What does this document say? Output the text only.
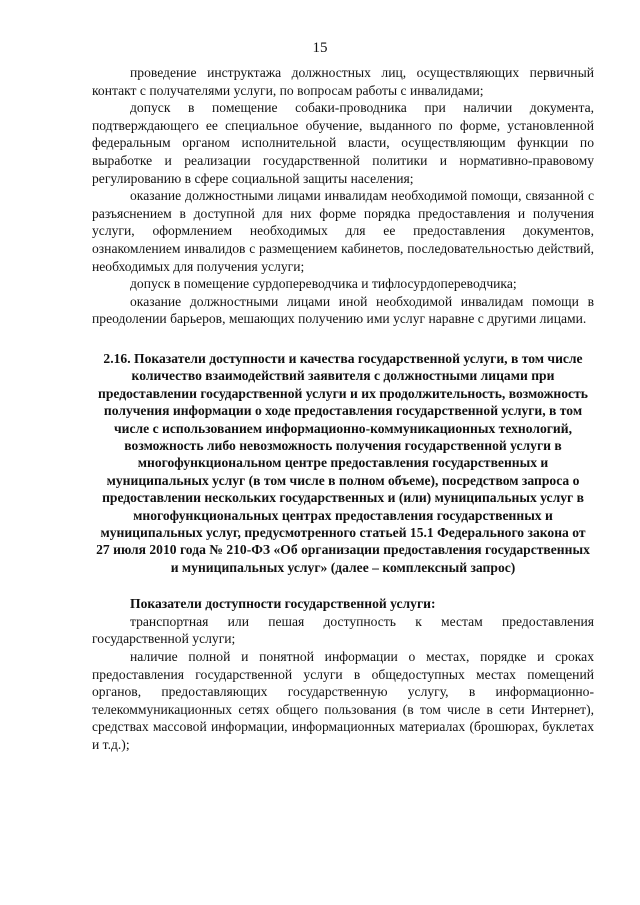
15

проведение инструктажа должностных лиц, осуществляющих первичный контакт с получателями услуги, по вопросам работы с инвалидами;

допуск в помещение собаки-проводника при наличии документа, подтверждающего ее специальное обучение, выданного по форме, установленной федеральным органом исполнительной власти, осуществляющим функции по выработке и реализации государственной политики и нормативно-правовому регулированию в сфере социальной защиты населения;

оказание должностными лицами инвалидам необходимой помощи, связанной с разъяснением в доступной для них форме порядка предоставления и получения услуги, оформлением необходимых для ее предоставления документов, ознакомлением инвалидов с размещением кабинетов, последовательностью действий, необходимых для получения услуги;

допуск в помещение сурдопереводчика и тифлосурдопереводчика;

оказание должностными лицами иной необходимой инвалидам помощи в преодолении барьеров, мешающих получению ими услуг наравне с другими лицами.

2.16. Показатели доступности и качества государственной услуги, в том числе количество взаимодействий заявителя с должностными лицами при предоставлении государственной услуги и их продолжительность, возможность получения информации о ходе предоставления государственной услуги, в том числе с использованием информационно-коммуникационных технологий, возможность либо невозможность получения государственной услуги в многофункциональном центре предоставления государственных и муниципальных услуг (в том числе в полном объеме), посредством запроса о предоставлении нескольких государственных и (или) муниципальных услуг в многофункциональных центрах предоставления государственных и муниципальных услуг, предусмотренного статьей 15.1 Федерального закона от 27 июля 2010 года № 210-ФЗ «Об организации предоставления государственных и муниципальных услуг» (далее – комплексный запрос)

Показатели доступности государственной услуги:

транспортная или пешая доступность к местам предоставления государственной услуги;

наличие полной и понятной информации о местах, порядке и сроках предоставления государственной услуги в общедоступных местах помещений органов, предоставляющих государственную услугу, в информационно-телекоммуникационных сетях общего пользования (в том числе в сети Интернет), средствах массовой информации, информационных материалах (брошюрах, буклетах и т.д.);
